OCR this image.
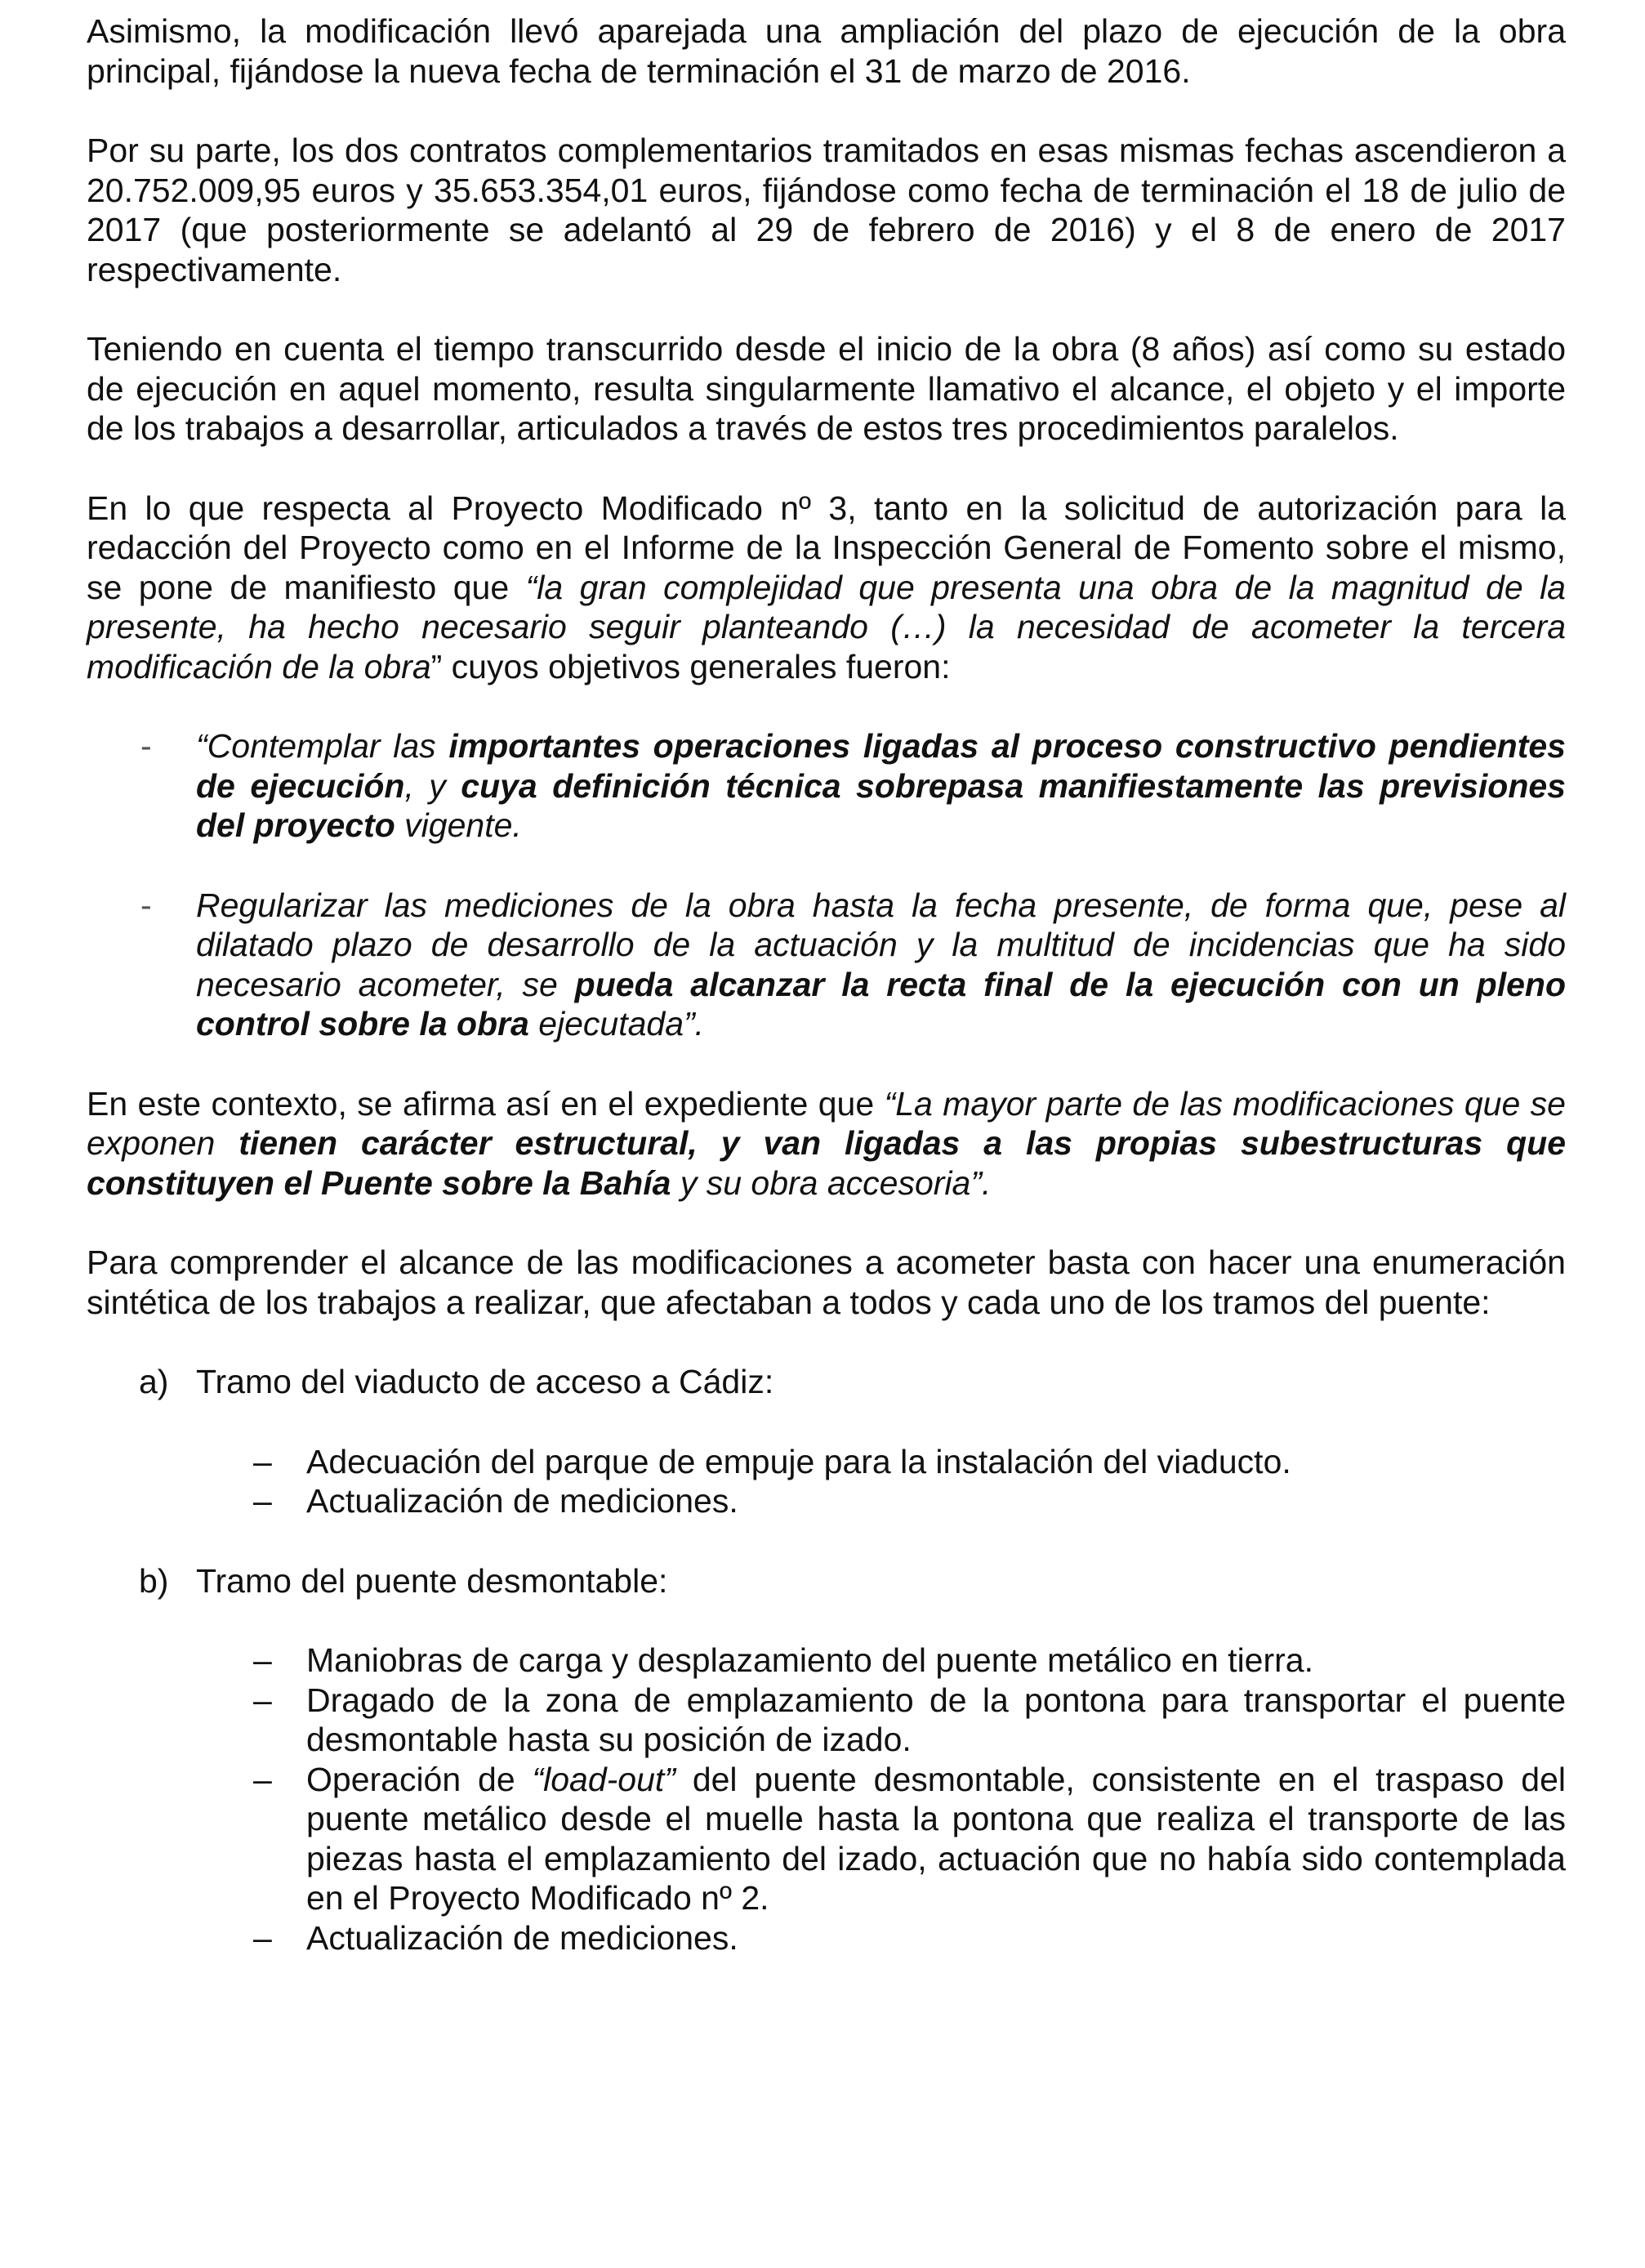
Asimismo, la modificación llevó aparejada una ampliación del plazo de ejecución de la obra principal, fijándose la nueva fecha de terminación el 31 de marzo de 2016.

Por su parte, los dos contratos complementarios tramitados en esas mismas fechas ascendieron a 20.752.009,95 euros y 35.653.354,01 euros, fijándose como fecha de terminación el 18 de julio de 2017 (que posteriormente se adelantó al 29 de febrero de 2016) y el 8 de enero de 2017 respectivamente.

Teniendo en cuenta el tiempo transcurrido desde el inicio de la obra (8 años) así como su estado de ejecución en aquel momento, resulta singularmente llamativo el alcance, el objeto y el importe de los trabajos a desarrollar, articulados a través de estos tres procedimientos paralelos.

En lo que respecta al Proyecto Modificado nº 3, tanto en la solicitud de autorización para la redacción del Proyecto como en el Informe de la Inspección General de Fomento sobre el mismo, se pone de manifiesto que “la gran complejidad que presenta una obra de la magnitud de la presente, ha hecho necesario seguir planteando (…) la necesidad de acometer la tercera modificación de la obra” cuyos objetivos generales fueron:

- “Contemplar las importantes operaciones ligadas al proceso constructivo pendientes de ejecución, y cuya definición técnica sobrepasa manifiestamente las previsiones del proyecto vigente.
- Regularizar las mediciones de la obra hasta la fecha presente, de forma que, pese al dilatado plazo de desarrollo de la actuación y la multitud de incidencias que ha sido necesario acometer, se pueda alcanzar la recta final de la ejecución con un pleno control sobre la obra ejecutada”.

En este contexto, se afirma así en el expediente que “La mayor parte de las modificaciones que se exponen tienen carácter estructural, y van ligadas a las propias subestructuras que constituyen el Puente sobre la Bahía y su obra accesoria”.

Para comprender el alcance de las modificaciones a acometer basta con hacer una enumeración sintética de los trabajos a realizar, que afectaban a todos y cada uno de los tramos del puente:

a) Tramo del viaducto de acceso a Cádiz:
– Adecuación del parque de empuje para la instalación del viaducto.
– Actualización de mediciones.
b) Tramo del puente desmontable:
– Maniobras de carga y desplazamiento del puente metálico en tierra.
– Dragado de la zona de emplazamiento de la pontona para transportar el puente desmontable hasta su posición de izado.
– Operación de “load-out” del puente desmontable, consistente en el traspaso del puente metálico desde el muelle hasta la pontona que realiza el transporte de las piezas hasta el emplazamiento del izado, actuación que no había sido contemplada en el Proyecto Modificado nº 2.
– Actualización de mediciones.
